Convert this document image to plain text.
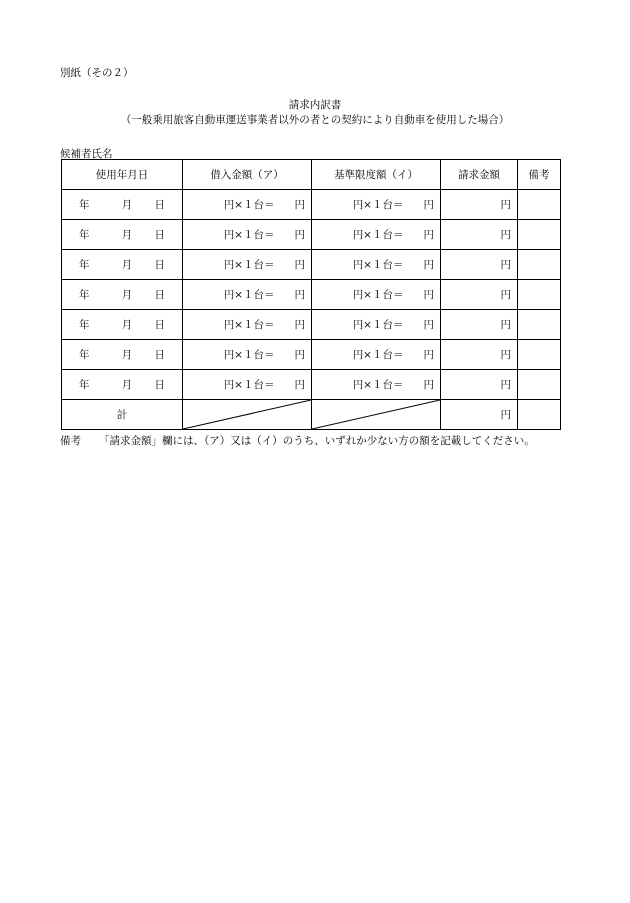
別紙（その２）
請求内訳書
（一般乗用旅客自動車運送事業者以外の者との契約により自動車を使用した場合）
候補者氏名
使用年月日	借入金額（ア）	基準限度額（イ）	請求金額	備考
年 月 日	円×１台＝ 円	円×１台＝ 円	円	
年 月 日	円×１台＝ 円	円×１台＝ 円	円	
年 月 日	円×１台＝ 円	円×１台＝ 円	円	
年 月 日	円×１台＝ 円	円×１台＝ 円	円	
年 月 日	円×１台＝ 円	円×１台＝ 円	円	
年 月 日	円×１台＝ 円	円×１台＝ 円	円	
年 月 日	円×１台＝ 円	円×１台＝ 円	円	
計			円	
備考 「請求金額」欄には、（ア）又は（イ）のうち、いずれか少ない方の額を記載してください。
